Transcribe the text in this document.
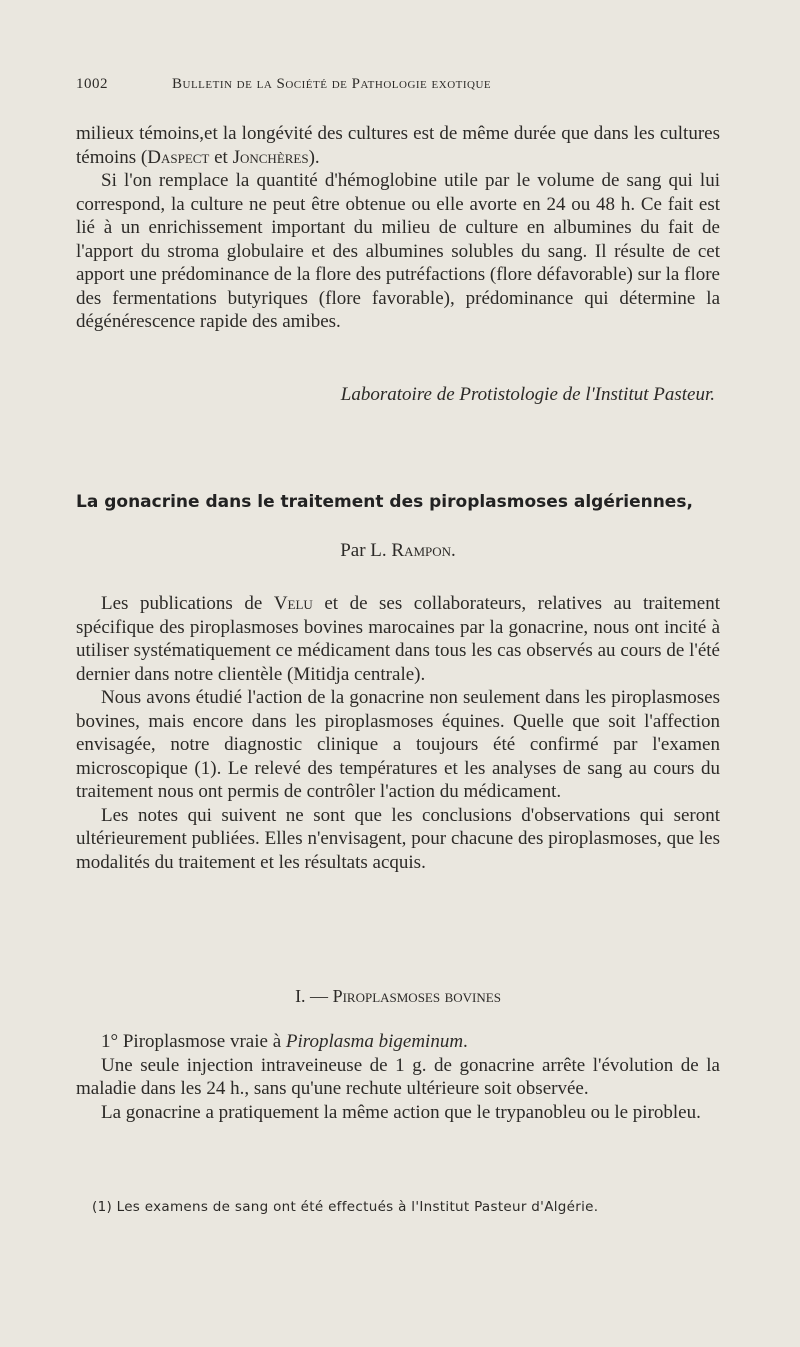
1002	Bulletin de la Société de Pathologie exotique

milieux témoins,et la longévité des cultures est de même durée que dans les cultures témoins (Daspect et Jonchères).

Si l'on remplace la quantité d'hémoglobine utile par le volume de sang qui lui correspond, la culture ne peut être obtenue ou elle avorte en 24 ou 48 h. Ce fait est lié à un enrichissement important du milieu de culture en albumines du fait de l'apport du stroma globulaire et des albumines solubles du sang. Il résulte de cet apport une prédominance de la flore des putréfactions (flore défavorable) sur la flore des fermentations butyriques (flore favorable), prédominance qui détermine la dégénérescence rapide des amibes.

Laboratoire de Protistologie de l'Institut Pasteur.
La gonacrine dans le traitement des piroplasmoses algériennes,
Par L. Rampon.

Les publications de Velu et de ses collaborateurs, relatives au traitement spécifique des piroplasmoses bovines marocaines par la gonacrine, nous ont incité à utiliser systématiquement ce médicament dans tous les cas observés au cours de l'été dernier dans notre clientèle (Mitidja centrale).

Nous avons étudié l'action de la gonacrine non seulement dans les piroplasmoses bovines, mais encore dans les piroplasmoses équines. Quelle que soit l'affection envisagée, notre diagnostic clinique a toujours été confirmé par l'examen microscopique (1). Le relevé des températures et les analyses de sang au cours du traitement nous ont permis de contrôler l'action du médicament.

Les notes qui suivent ne sont que les conclusions d'observations qui seront ultérieurement publiées. Elles n'envisagent, pour chacune des piroplasmoses, que les modalités du traitement et les résultats acquis.

I. — Piroplasmoses bovines

1° Piroplasmose vraie à Piroplasma bigeminum.

Une seule injection intraveineuse de 1 g. de gonacrine arrête l'évolution de la maladie dans les 24 h., sans qu'une rechute ultérieure soit observée.

La gonacrine a pratiquement la même action que le trypanobleu ou le pirobleu.

(1) Les examens de sang ont été effectués à l'Institut Pasteur d'Algérie.
